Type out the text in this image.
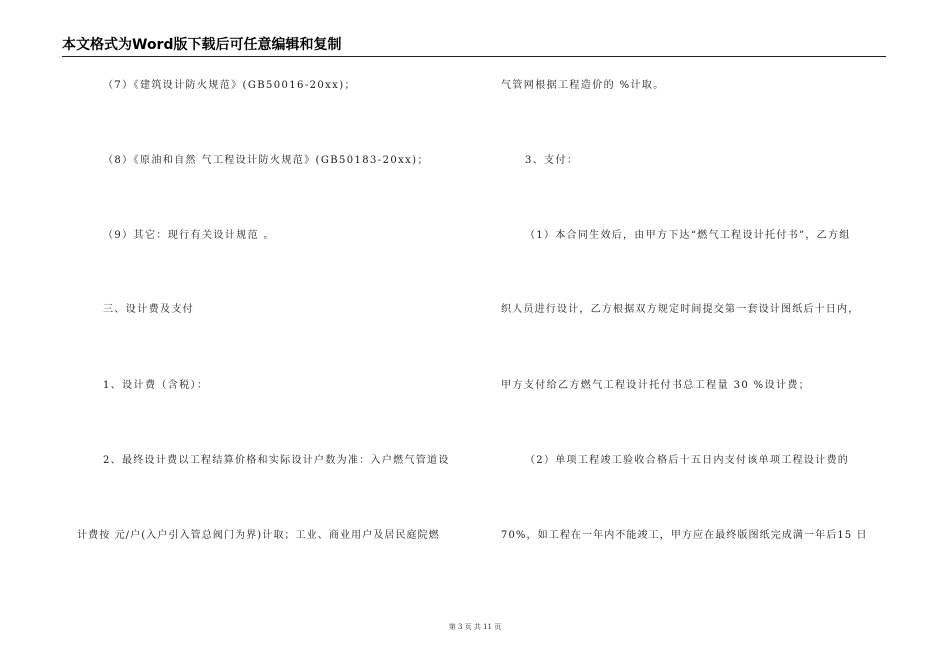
本文格式为Word版下载后可任意编辑和复制
（7）《建筑设计防火规范》(GB50016-20xx)；
（8）《原油和自然 气工程设计防火规范》(GB50183-20xx)；
（9）其它：现行有关设计规范 。
三、设计费及支付
1、设计费（含税）：
2、最终设计费以工程结算价格和实际设计户数为准：入户燃气管道设
计费按 元/户(入户引入管总阀门为界)计取；工业、商业用户及居民庭院燃
气管网根据工程造价的 %计取。
3、支付：
（1）本合同生效后，由甲方下达“燃气工程设计托付书”，乙方组
织人员进行设计，乙方根据双方规定时间提交第一套设计图纸后十日内，
甲方支付给乙方燃气工程设计托付书总工程量 30 %设计费；
（2）单项工程竣工验收合格后十五日内支付该单项工程设计费的
70%，如工程在一年内不能竣工，甲方应在最终版图纸完成满一年后15 日
第 3 页 共 11 页
